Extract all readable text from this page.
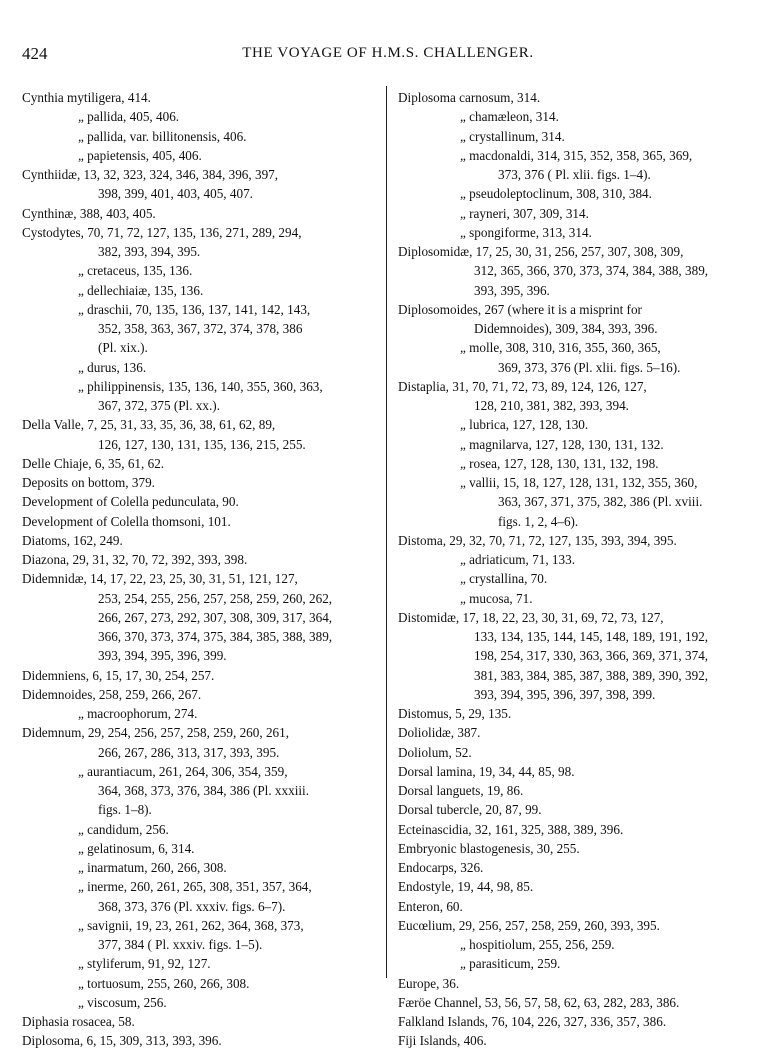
424	THE VOYAGE OF H.M.S. CHALLENGER.
Cynthia mytiligera, 414.
„ pallida, 405, 406.
„ pallida, var. billitonensis, 406.
„ papietensis, 405, 406.
Cynthiidæ, 13, 32, 323, 324, 346, 384, 396, 397,
398, 399, 401, 403, 405, 407.
Cynthinæ, 388, 403, 405.
Cystodytes, 70, 71, 72, 127, 135, 136, 271, 289, 294,
382, 393, 394, 395.
„ cretaceus, 135, 136.
„ dellechiaiæ, 135, 136.
„ draschii, 70, 135, 136, 137, 141, 142, 143,
352, 358, 363, 367, 372, 374, 378, 386
(Pl. xix.).
„ durus, 136.
„ philippinensis, 135, 136, 140, 355, 360, 363,
367, 372, 375 (Pl. xx.).
Della Valle, 7, 25, 31, 33, 35, 36, 38, 61, 62, 89,
126, 127, 130, 131, 135, 136, 215, 255.
Delle Chiaje, 6, 35, 61, 62.
Deposits on bottom, 379.
Development of Colella pedunculata, 90.
Development of Colella thomsoni, 101.
Diatoms, 162, 249.
Diazona, 29, 31, 32, 70, 72, 392, 393, 398.
Didemnidæ, 14, 17, 22, 23, 25, 30, 31, 51, 121, 127,
253, 254, 255, 256, 257, 258, 259, 260, 262,
266, 267, 273, 292, 307, 308, 309, 317, 364,
366, 370, 373, 374, 375, 384, 385, 388, 389,
393, 394, 395, 396, 399.
Didemniens, 6, 15, 17, 30, 254, 257.
Didemnoides, 258, 259, 266, 267.
„ macroophorum, 274.
Didemnum, 29, 254, 256, 257, 258, 259, 260, 261,
266, 267, 286, 313, 317, 393, 395.
„ aurantiacum, 261, 264, 306, 354, 359,
364, 368, 373, 376, 384, 386 (Pl. xxxiii.
figs. 1–8).
„ candidum, 256.
„ gelatinosum, 6, 314.
„ inarmatum, 260, 266, 308.
„ inerme, 260, 261, 265, 308, 351, 357, 364,
368, 373, 376 (Pl. xxxiv. figs. 6–7).
„ savignii, 19, 23, 261, 262, 364, 368, 373,
377, 384 ( Pl. xxxiv. figs. 1–5).
„ styliferum, 91, 92, 127.
„ tortuosum, 255, 260, 266, 308.
„ viscosum, 256.
Diphasia rosacea, 58.
Diplosoma, 6, 15, 309, 313, 393, 396.
Diplosoma carnosum, 314.
„ chamæleon, 314.
„ crystallinum, 314.
„ macdonaldi, 314, 315, 352, 358, 365, 369,
373, 376 ( Pl. xlii. figs. 1–4).
„ pseudoleptoclinum, 308, 310, 384.
„ rayneri, 307, 309, 314.
„ spongiforme, 313, 314.
Diplosomidæ, 17, 25, 30, 31, 256, 257, 307, 308, 309,
312, 365, 366, 370, 373, 374, 384, 388, 389,
393, 395, 396.
Diplosomoides, 267 (where it is a misprint for
Didemnoides), 309, 384, 393, 396.
„ molle, 308, 310, 316, 355, 360, 365,
369, 373, 376 (Pl. xlii. figs. 5–16).
Distaplia, 31, 70, 71, 72, 73, 89, 124, 126, 127,
128, 210, 381, 382, 393, 394.
„ lubrica, 127, 128, 130.
„ magnilarva, 127, 128, 130, 131, 132.
„ rosea, 127, 128, 130, 131, 132, 198.
„ vallii, 15, 18, 127, 128, 131, 132, 355, 360,
363, 367, 371, 375, 382, 386 (Pl. xviii.
figs. 1, 2, 4–6).
Distoma, 29, 32, 70, 71, 72, 127, 135, 393, 394, 395.
„ adriaticum, 71, 133.
„ crystallina, 70.
„ mucosa, 71.
Distomidæ, 17, 18, 22, 23, 30, 31, 69, 72, 73, 127,
133, 134, 135, 144, 145, 148, 189, 191, 192,
198, 254, 317, 330, 363, 366, 369, 371, 374,
381, 383, 384, 385, 387, 388, 389, 390, 392,
393, 394, 395, 396, 397, 398, 399.
Distomus, 5, 29, 135.
Doliolidæ, 387.
Doliolum, 52.
Dorsal lamina, 19, 34, 44, 85, 98.
Dorsal languets, 19, 86.
Dorsal tubercle, 20, 87, 99.
Ecteinascidia, 32, 161, 325, 388, 389, 396.
Embryonic blastogenesis, 30, 255.
Endocarps, 326.
Endostyle, 19, 44, 98, 85.
Enteron, 60.
Eucœlium, 29, 256, 257, 258, 259, 260, 393, 395.
„ hospitiolum, 255, 256, 259.
„ parasiticum, 259.
Europe, 36.
Færöe Channel, 53, 56, 57, 58, 62, 63, 282, 283, 386.
Falkland Islands, 76, 104, 226, 327, 336, 357, 386.
Fiji Islands, 406.
